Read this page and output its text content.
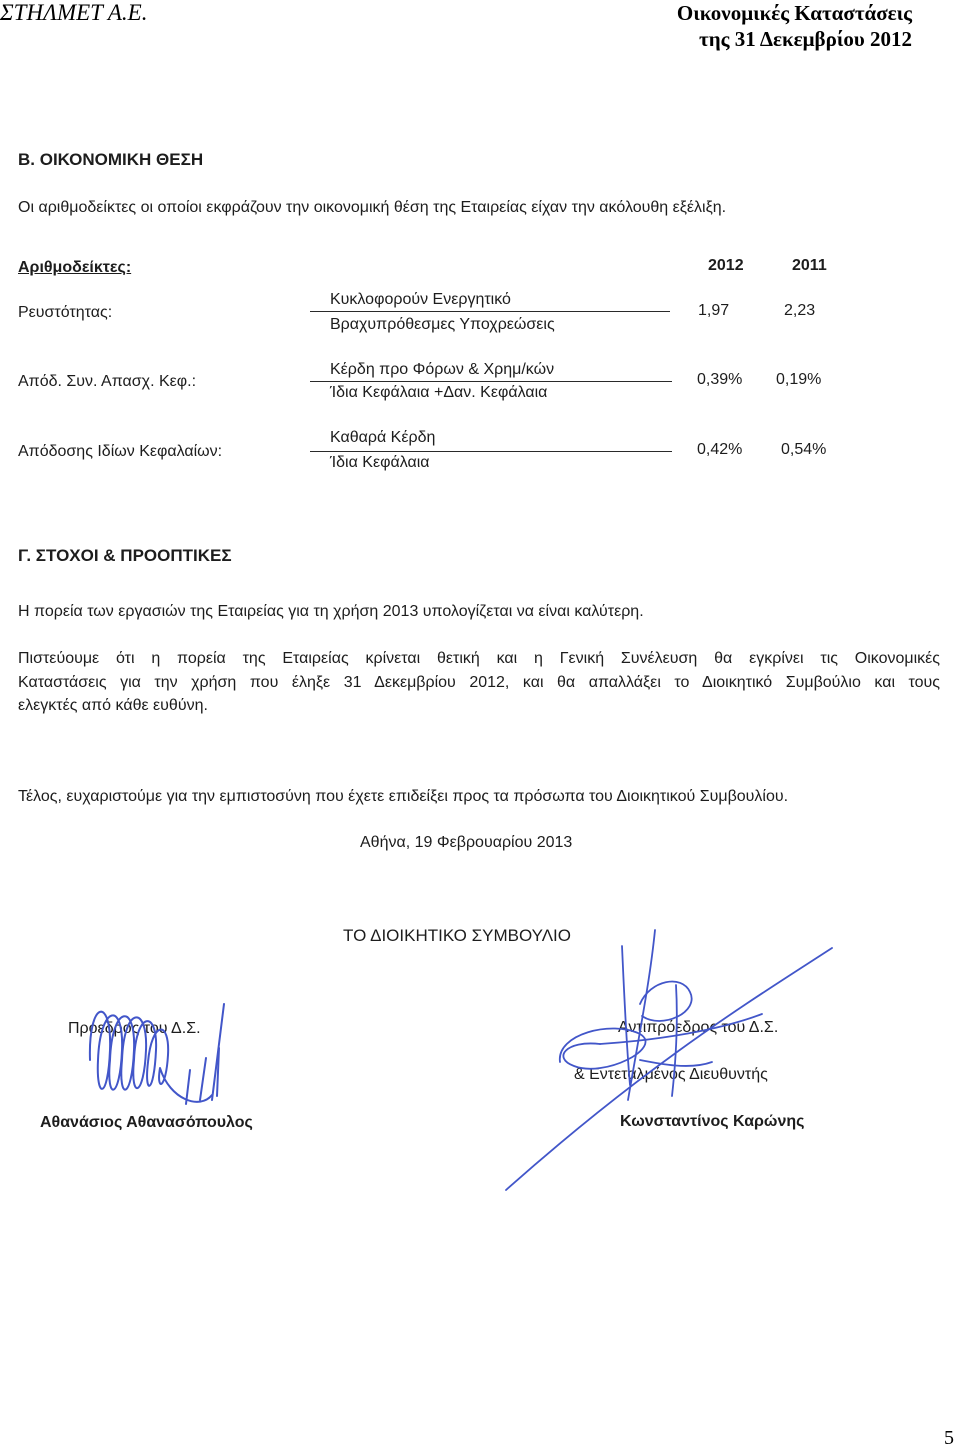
ΣΤΗΛΜΕΤ Α.Ε.	Οικονομικές Καταστάσεις
της 31 Δεκεμβρίου 2012
Β. ΟΙΚΟΝΟΜΙΚΗ ΘΕΣΗ
Οι αριθμοδείκτες οι οποίοι εκφράζουν την οικονομική θέση της Εταιρείας είχαν την ακόλουθη εξέλιξη.
Αριθμοδείκτες:	2012	2011
Ρευστότητας:
Κυκλοφορούν Ενεργητικό
Βραχυπρόθεσμες Υποχρεώσεις
1,97	2,23
Απόδ. Συν. Απασχ. Κεφ.:
Κέρδη προ Φόρων & Χρημ/κών
Ίδια Κεφάλαια +Δαν. Κεφάλαια
0,39% 0,19%
Απόδοσης Ιδίων Κεφαλαίων:
Καθαρά Κέρδη
Ίδια Κεφάλαια
0,42% 0,54%
Γ. ΣΤΟΧΟΙ & ΠΡΟΟΠΤΙΚΕΣ
Η πορεία των εργασιών της Εταιρείας για τη χρήση 2013 υπολογίζεται να είναι καλύτερη.
Πιστεύουμε ότι η πορεία της Εταιρείας κρίνεται θετική και η Γενική Συνέλευση θα εγκρίνει τις Οικονομικές
Καταστάσεις για την χρήση που έληξε 31 Δεκεμβρίου 2012, και θα απαλλάξει το Διοικητικό Συμβούλιο και τους
ελεγκτές από κάθε ευθύνη.
Τέλος, ευχαριστούμε για την εμπιστοσύνη που έχετε επιδείξει προς τα πρόσωπα του Διοικητικού Συμβουλίου.
Αθήνα, 19 Φεβρουαρίου 2013
ΤΟ ΔΙΟΙΚΗΤΙΚΟ ΣΥΜΒΟΥΛΙΟ
Πρόεδρος του Δ.Σ.
Αθανάσιος Αθανασόπουλος
Αντιπρόεδρος του Δ.Σ.
& Εντεταλμένος Διευθυντής
Κωνσταντίνος Καρώνης
5
